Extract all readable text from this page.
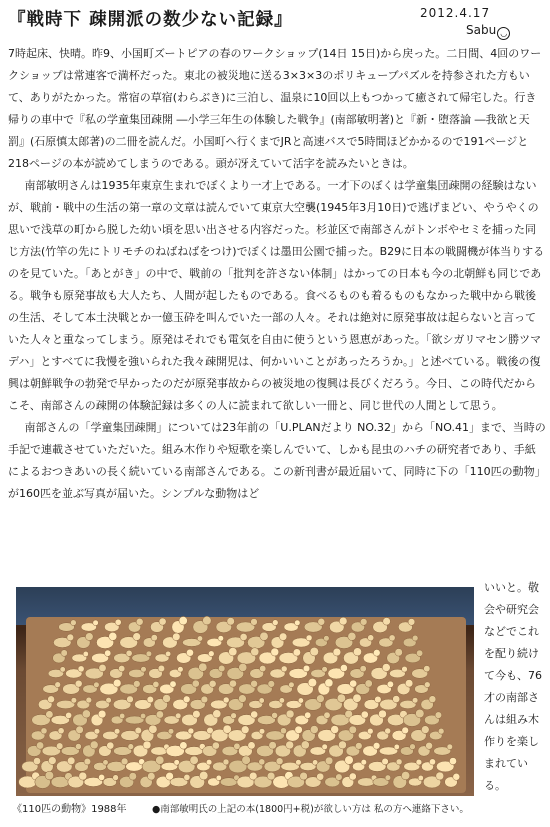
『戦時下 疎開派の数少ない記録』	2012.4.17
Sabu ◡

7時起床、快晴。昨9、小国町ズートピアの春のワークショップ(14日 15日)から戻った。二日間、4回のワークショップは常連客で満杯だった。東北の被災地に送る3×3×3のポリキューブパズルを持参された方もいて、ありがたかった。常宿の草宿(わらぶき)に三泊し、温泉に10回以上もつかって癒されて帰宅した。行き帰りの車中で『私の学童集団疎開 ―小学三年生の体験した戦争』(南部敏明著)と『新・堕落論 ―我欲と天罰』(石原慎太郎著)の二冊を読んだ。小国町へ行くまでJRと高速バスで5時間ほどかかるので191ページと218ページの本が読めてしまうのである。頭が冴えていて活字を読みたいときは。

南部敏明さんは1935年東京生まれでぼくより一才上である。一才下のぼくは学童集団疎開の経験はないが、戦前・戦中の生活の第一章の文章は読んでいて東京大空襲(1945年3月10日)で逃げまどい、やうやくの思いで浅草の町から脱した幼い頃を思い出させる内容だった。杉並区で南部さんがトンボやセミを捕った同じ方法(竹竿の先にトリモチのねばねばをつけ)でぼくは墨田公園で捕った。B29に日本の戦闘機が体当りするのを見ていた。「あとがき」の中で、戦前の「批判を許さない体制」はかっての日本も今の北朝鮮も同じである。戦争も原発事故も大人たち、人間が起したものである。食べるものも着るものもなかった戦中から戦後の生活、そして本土決戦とか一億玉砕を叫んでいた一部の人々。それは絶対に原発事故は起らないと言っていた人々と重なってしまう。原発はそれでも電気を自由に使うという恩恵があった。「欲シガリマセン勝ツマデハ」とすべてに我慢を強いられた我々疎開児は、何かいいことがあったろうか。」と述べている。戦後の復興は朝鮮戦争の勃発で早かったのだが原発事故からの被災地の復興は長びくだろう。今日、この時代だからこそ、南部さんの疎開の体験記録は多くの人に読まれて欲しい一冊と、同じ世代の人間として思う。

南部さんの「学童集団疎開」については23年前の「U.PLANだより NO.32」から「NO.41」まで、当時の手記で連載させていただいた。組み木作りや短歌を楽しんでいて、しかも昆虫のハチの研究者であり、手紙によるおつきあいの長く続いている南部さんである。この新刊書が最近届いて、同時に下の「110匹の動物」が160匹を並ぶ写真が届いた。シンプルな動物はど

いいと。敬会や研究会などでこれを配り続けて今も、76才の南部さんは組み木作りを楽しまれている。
《110匹の動物》1988年	●南部敏明氏の上記の本(1800円+税)が欲しい方は 私の方へ連絡下さい。
